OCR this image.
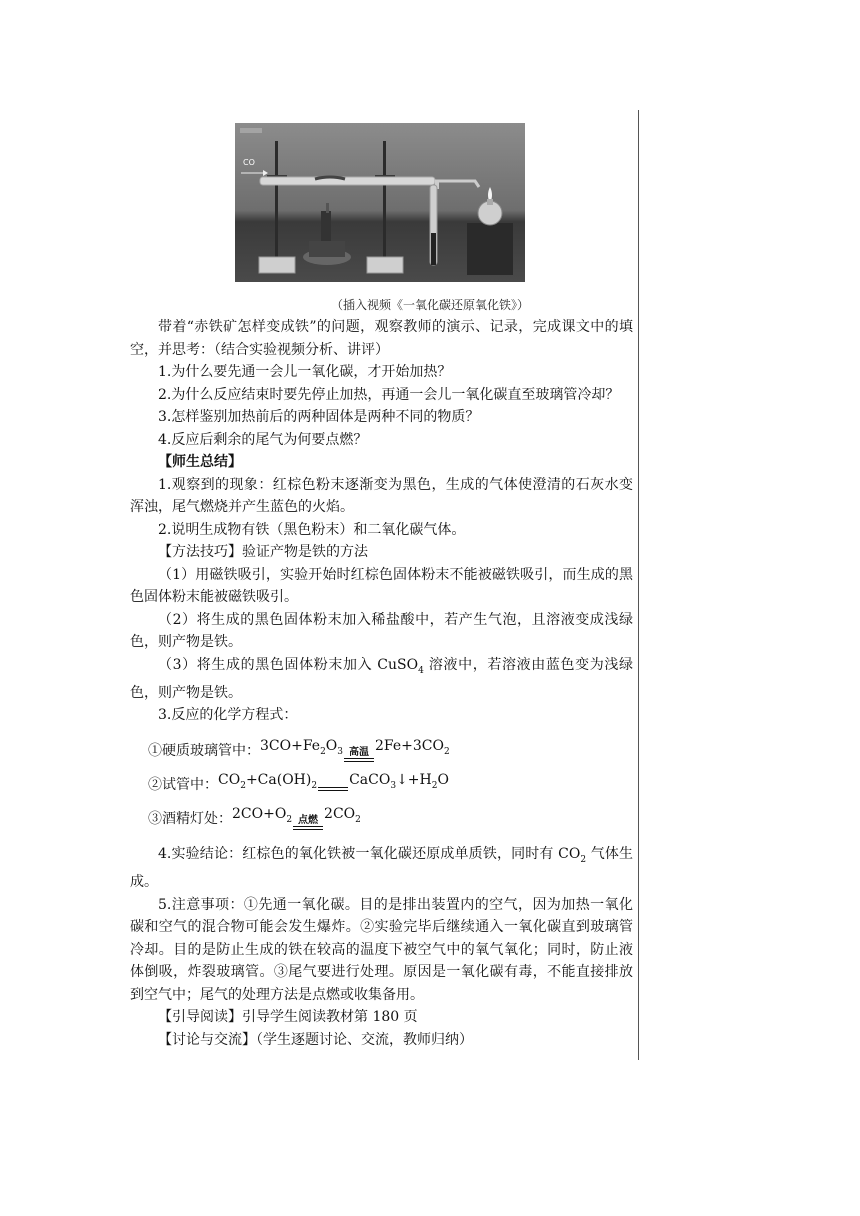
CO
（插入视频《一氧化碳还原氧化铁》）

带着“赤铁矿怎样变成铁”的问题，观察教师的演示、记录，完成课文中的填空，并思考：（结合实验视频分析、讲评）

1.为什么要先通一会儿一氧化碳，才开始加热？

2.为什么反应结束时要先停止加热，再通一会儿一氧化碳直至玻璃管冷却？

3.怎样鉴别加热前后的两种固体是两种不同的物质？

4.反应后剩余的尾气为何要点燃？

【师生总结】

1.观察到的现象：红棕色粉末逐渐变为黑色，生成的气体使澄清的石灰水变浑浊，尾气燃烧并产生蓝色的火焰。

2.说明生成物有铁（黑色粉末）和二氧化碳气体。

【方法技巧】验证产物是铁的方法

（1）用磁铁吸引，实验开始时红棕色固体粉末不能被磁铁吸引，而生成的黑色固体粉末能被磁铁吸引。

（2）将生成的黑色固体粉末加入稀盐酸中，若产生气泡，且溶液变成浅绿色，则产物是铁。

（3）将生成的黑色固体粉末加入 CuSO$_4$ 溶液中，若溶液由蓝色变为浅绿色，则产物是铁。

3.反应的化学方程式：

①硬质玻璃管中： $3CO+Fe_2O_3$ 高温 $2Fe+3CO_2$
②试管中： $CO_2+Ca(OH)_2$ $CaCO_3↓+H_2O$
③酒精灯处： $2CO+O_2$ 点燃 $2CO_2$

4.实验结论：红棕色的氧化铁被一氧化碳还原成单质铁，同时有 $CO_2$ 气体生成。

5.注意事项：①先通一氧化碳。目的是排出装置内的空气，因为加热一氧化碳和空气的混合物可能会发生爆炸。②实验完毕后继续通入一氧化碳直到玻璃管冷却。目的是防止生成的铁在较高的温度下被空气中的氧气氧化；同时，防止液体倒吸，炸裂玻璃管。③尾气要进行处理。原因是一氧化碳有毒，不能直接排放到空气中；尾气的处理方法是点燃或收集备用。

【引导阅读】引导学生阅读教材第 180 页

【讨论与交流】（学生逐题讨论、交流，教师归纳）
